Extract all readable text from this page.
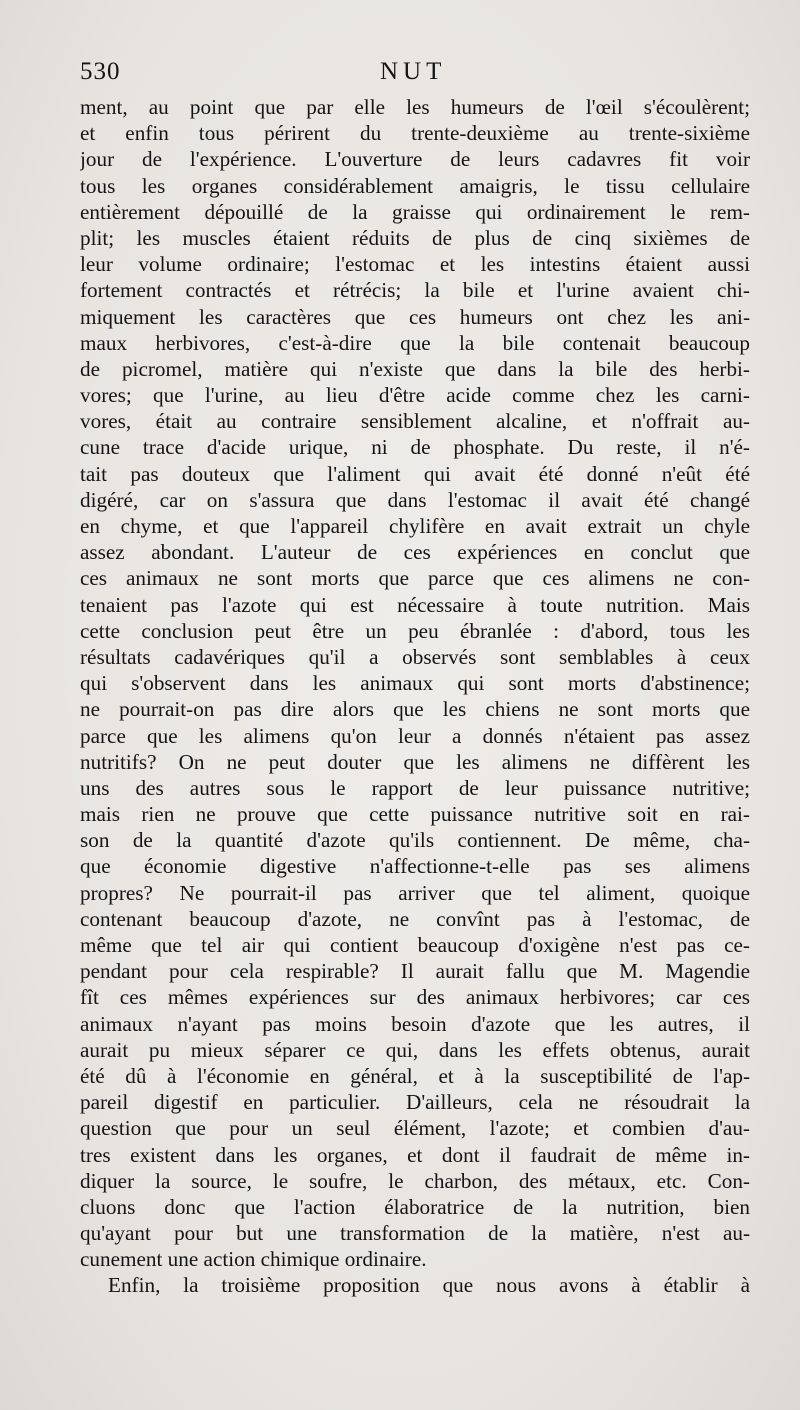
530	NUT
ment, au point que par elle les humeurs de l'œil s'écoulèrent;
et enfin tous périrent du trente-deuxième au trente-sixième
jour de l'expérience. L'ouverture de leurs cadavres fit voir
tous les organes considérablement amaigris, le tissu cellulaire
entièrement dépouillé de la graisse qui ordinairement le rem-
plit; les muscles étaient réduits de plus de cinq sixièmes de
leur volume ordinaire; l'estomac et les intestins étaient aussi
fortement contractés et rétrécis; la bile et l'urine avaient chi-
miquement les caractères que ces humeurs ont chez les ani-
maux herbivores, c'est-à-dire que la bile contenait beaucoup
de picromel, matière qui n'existe que dans la bile des herbi-
vores; que l'urine, au lieu d'être acide comme chez les carni-
vores, était au contraire sensiblement alcaline, et n'offrait au-
cune trace d'acide urique, ni de phosphate. Du reste, il n'é-
tait pas douteux que l'aliment qui avait été donné n'eût été
digéré, car on s'assura que dans l'estomac il avait été changé
en chyme, et que l'appareil chylifère en avait extrait un chyle
assez abondant. L'auteur de ces expériences en conclut que
ces animaux ne sont morts que parce que ces alimens ne con-
tenaient pas l'azote qui est nécessaire à toute nutrition. Mais
cette conclusion peut être un peu ébranlée : d'abord, tous les
résultats cadavériques qu'il a observés sont semblables à ceux
qui s'observent dans les animaux qui sont morts d'abstinence;
ne pourrait-on pas dire alors que les chiens ne sont morts que
parce que les alimens qu'on leur a donnés n'étaient pas assez
nutritifs? On ne peut douter que les alimens ne diffèrent les
uns des autres sous le rapport de leur puissance nutritive;
mais rien ne prouve que cette puissance nutritive soit en rai-
son de la quantité d'azote qu'ils contiennent. De même, cha-
que économie digestive n'affectionne-t-elle pas ses alimens
propres? Ne pourrait-il pas arriver que tel aliment, quoique
contenant beaucoup d'azote, ne convînt pas à l'estomac, de
même que tel air qui contient beaucoup d'oxigène n'est pas ce-
pendant pour cela respirable? Il aurait fallu que M. Magendie
fît ces mêmes expériences sur des animaux herbivores; car ces
animaux n'ayant pas moins besoin d'azote que les autres, il
aurait pu mieux séparer ce qui, dans les effets obtenus, aurait
été dû à l'économie en général, et à la susceptibilité de l'ap-
pareil digestif en particulier. D'ailleurs, cela ne résoudrait la
question que pour un seul élément, l'azote; et combien d'au-
tres existent dans les organes, et dont il faudrait de même in-
diquer la source, le soufre, le charbon, des métaux, etc. Con-
cluons donc que l'action élaboratrice de la nutrition, bien
qu'ayant pour but une transformation de la matière, n'est au-
cunement une action chimique ordinaire.
Enfin, la troisième proposition que nous avons à établir à
